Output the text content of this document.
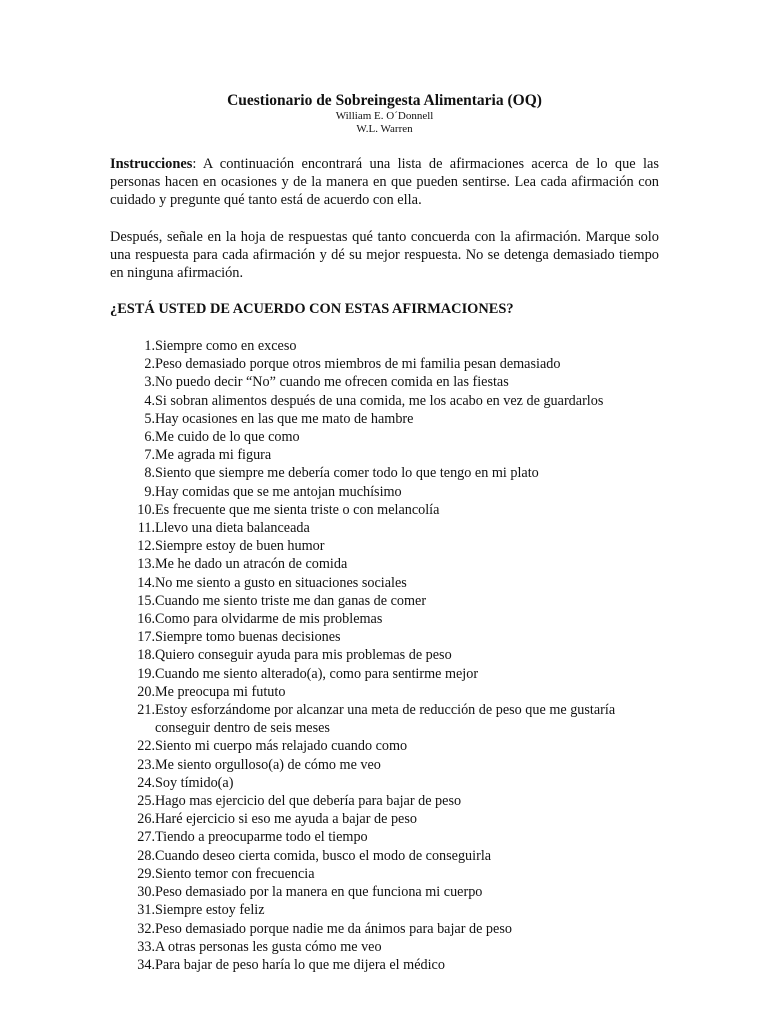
Cuestionario de Sobreingesta Alimentaria (OQ)

William E. O´Donnell

W.L. Warren

Instrucciones: A continuación encontrará una lista de afirmaciones acerca de lo que las personas hacen en ocasiones y de la manera en que pueden sentirse. Lea cada afirmación con cuidado y pregunte qué tanto está de acuerdo con ella.

Después, señale en la hoja de respuestas qué tanto concuerda con la afirmación. Marque solo una respuesta para cada afirmación y dé su mejor respuesta. No se detenga demasiado tiempo en ninguna afirmación.

¿ESTÁ USTED DE ACUERDO CON ESTAS AFIRMACIONES?
1. Siempre como en exceso
2. Peso demasiado porque otros miembros de mi familia pesan demasiado
3. No puedo decir “No” cuando me ofrecen comida en las fiestas
4. Si sobran alimentos después de una comida, me los acabo en vez de guardarlos
5. Hay ocasiones en las que me mato de hambre
6. Me cuido de lo que como
7. Me agrada mi figura
8. Siento que siempre me debería comer todo lo que tengo en mi plato
9. Hay comidas que se me antojan muchísimo
10. Es frecuente que me sienta triste o con melancolía
11. Llevo una dieta balanceada
12. Siempre estoy de buen humor
13. Me he dado un atracón de comida
14. No me siento a gusto en situaciones sociales
15. Cuando me siento triste me dan ganas de comer
16. Como para olvidarme de mis problemas
17. Siempre tomo buenas decisiones
18. Quiero conseguir ayuda para mis problemas de peso
19. Cuando me siento alterado(a), como para sentirme mejor
20. Me preocupa mi fututo
21. Estoy esforzándome por alcanzar una meta de reducción de peso que me gustaría conseguir dentro de seis meses
22. Siento mi cuerpo más relajado cuando como
23. Me siento orgulloso(a) de cómo me veo
24. Soy tímido(a)
25. Hago mas ejercicio del que debería para bajar de peso
26. Haré ejercicio si eso me ayuda a bajar de peso
27. Tiendo a preocuparme todo el tiempo
28. Cuando deseo cierta comida, busco el modo de conseguirla
29. Siento temor con frecuencia
30. Peso demasiado por la manera en que funciona mi cuerpo
31. Siempre estoy feliz
32. Peso demasiado porque nadie me da ánimos para bajar de peso
33. A otras personas les gusta cómo me veo
34. Para bajar de peso haría lo que me dijera el médico
